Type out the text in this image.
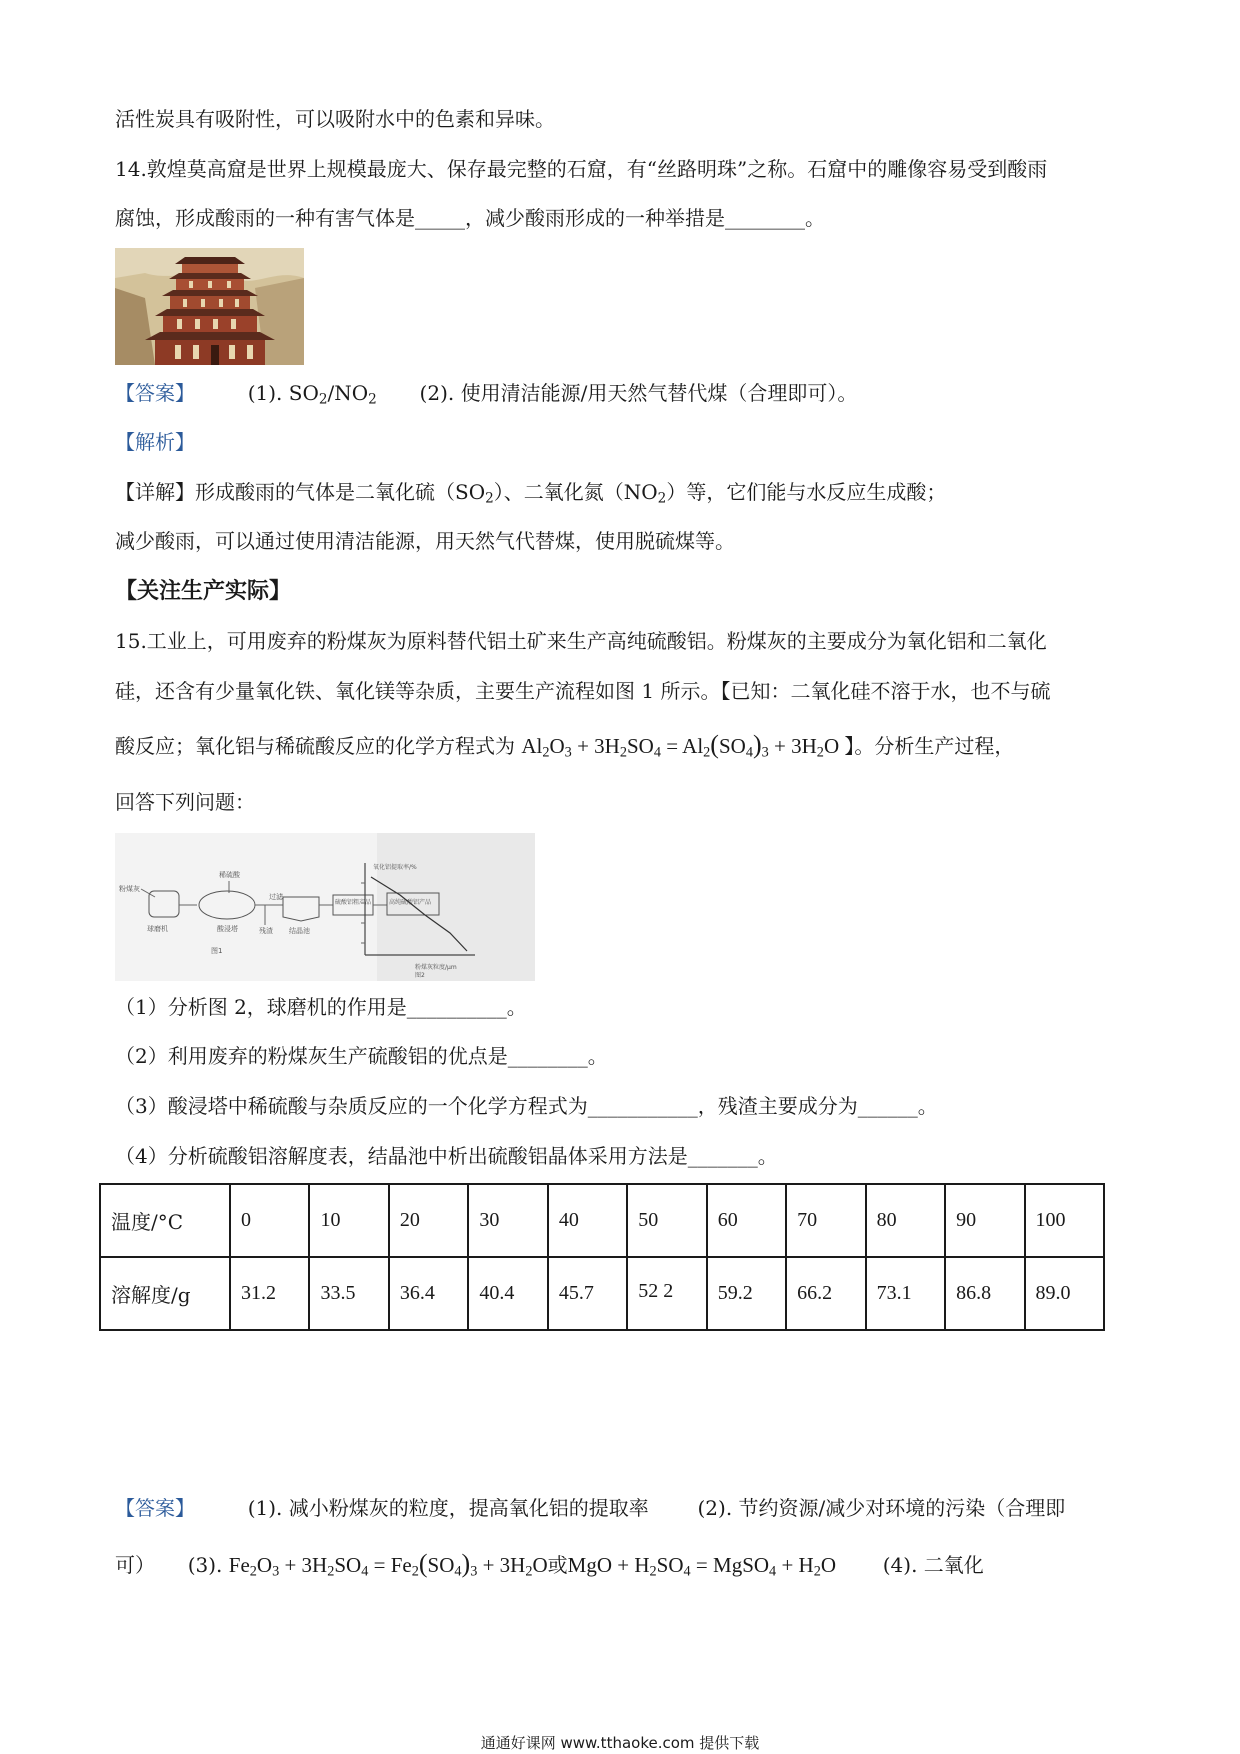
活性炭具有吸附性，可以吸附水中的色素和异味。
14.敦煌莫高窟是世界上规模最庞大、保存最完整的石窟，有“丝路明珠”之称。石窟中的雕像容易受到酸雨
腐蚀，形成酸雨的一种有害气体是_____，减少酸雨形成的一种举措是________。
【答案】	(1). $SO_2/NO_2$ (2). 使用清洁能源/用天然气替代煤（合理即可）。
【解析】
【详解】形成酸雨的气体是二氧化硫$(SO_2)$、二氧化氮$(NO_2)$等，它们能与水反应生成酸；
减少酸雨，可以通过使用清洁能源，用天然气代替煤，使用脱硫煤等。
【关注生产实际】
15.工业上，可用废弃的粉煤灰为原料替代铝土矿来生产高纯硫酸铝。粉煤灰的主要成分为氧化铝和二氧化
硅，还含有少量氧化铁、氧化镁等杂质，主要生产流程如图 1 所示。【已知：二氧化硅不溶于水，也不与硫
酸反应；氧化铝与稀硫酸反应的化学方程式为 $Al_2O_3 + 3H_2SO_4 = Al_2(SO_4)_3 + 3H_2O$ 】。分析生产过程，
回答下列问题：
粉煤灰
球磨机
稀硫酸
酸浸塔
过滤
残渣 结晶池
硫酸铝粗产品	高纯硫酸铝产品
图1
氧化铝提取率/%
粉煤灰粒度/μm
图2
（1）分析图 2，球磨机的作用是__________。
（2）利用废弃的粉煤灰生产硫酸铝的优点是________。
（3）酸浸塔中稀硫酸与杂质反应的一个化学方程式为___________，残渣主要成分为______。
（4）分析硫酸铝溶解度表，结晶池中析出硫酸铝晶体采用方法是_______。
温度/°C	0	10	20	30	40	50	60	70	80	90	100
溶解度/g	31.2	33.5	36.4	40.4	45.7	52 2	59.2	66.2	73.1	86.8	89.0
【答案】	(1). 减小粉煤灰的粒度，提高氧化铝的提取率 (2). 节约资源/减少对环境的污染（合理即
可） (3). $Fe_2O_3 + 3H_2SO_4 = Fe_2(SO_4)_3 + 3H_2O$或MgO + $H_2SO_4$ = MgSO$_4$ + $H_2O$ (4). 二氧化
通通好课网 www.tthaoke.com 提供下载
